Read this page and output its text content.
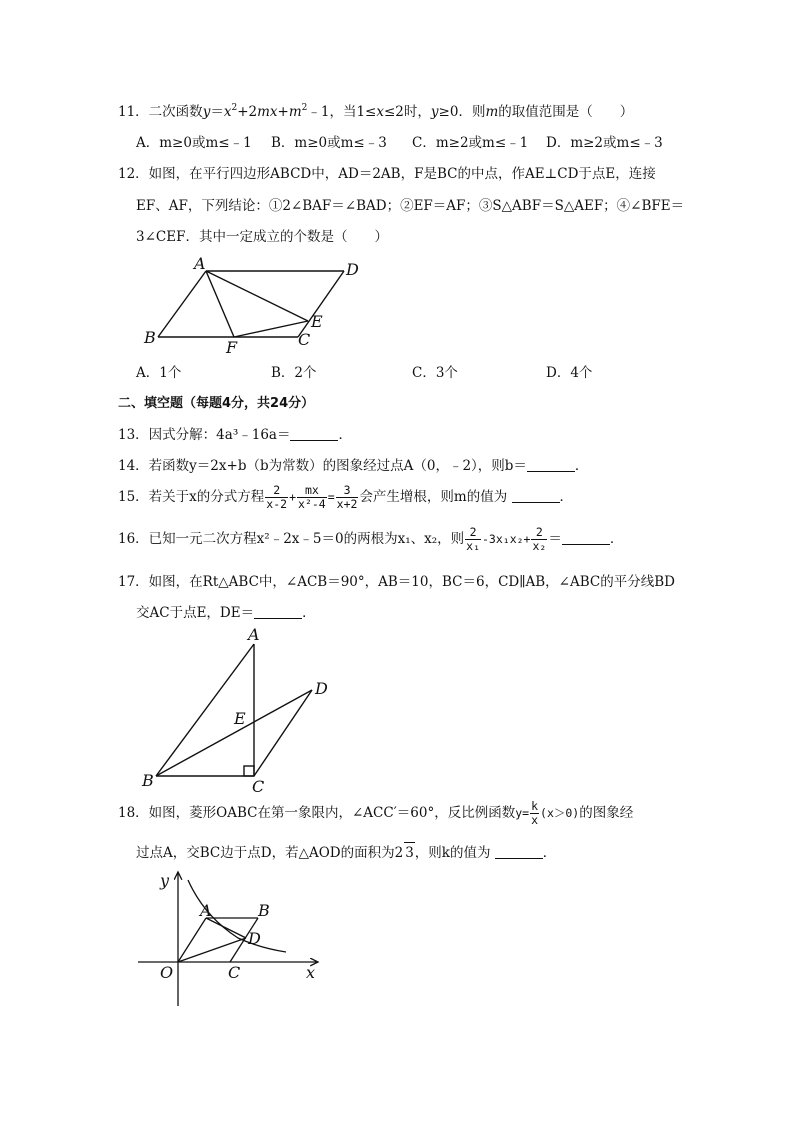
11．二次函数$y=x^2+2mx+m^2﹣1$，当1≤x≤2时，y≥0．则m的取值范围是（　　）
A．m≥0或m≤﹣1 B．m≥0或m≤﹣3 C．m≥2或m≤﹣1 D．m≥2或m≤﹣3
12．如图，在平行四边形ABCD中，AD＝2AB，F是BC的中点，作AE⊥CD于点E，连接
EF、AF，下列结论：①2∠BAF＝∠BAD；②EF＝AF；③S△ABF＝S△AEF；④∠BFE＝
3∠CEF．其中一定成立的个数是（　　）
A	D
B
F
E
C
A．1个	B．2个	C．3个	D．4个
二、填空题（每题4分，共24分）
13．因式分解：4a³﹣16a＝	．
14．若函数y＝2x+b（b为常数）的图象经过点A（0，﹣2），则b＝	．
15．若关于x的分式方程 $\frac{2}{x-2} + \frac{mx}{\text{x²-4}} = \frac{3}{x+2}$ 会产生增根，则m的值为	．
16．已知一元二次方程x²﹣2x﹣5＝0的两根为x₁、x₂，则 $\frac{2}{\text{x₁}} -3x_1x_2+ \frac{2}{\text{x₂}}$ ＝	．
17．如图，在Rt△ABC中，∠ACB＝90°，AB＝10，BC＝6，CD∥AB，∠ABC的平分线BD
交AC于点E，DE＝	．
A
D
E
B	C
18．如图，菱形OABC在第一象限内，∠ACC′＝60°，反比例函数$y= \frac{k}{x} (x>0)$的图象经
过点A，交BC边于点D，若△AOD的面积为2 3，则k的值为	．
y
A	B
D
O	C	x
